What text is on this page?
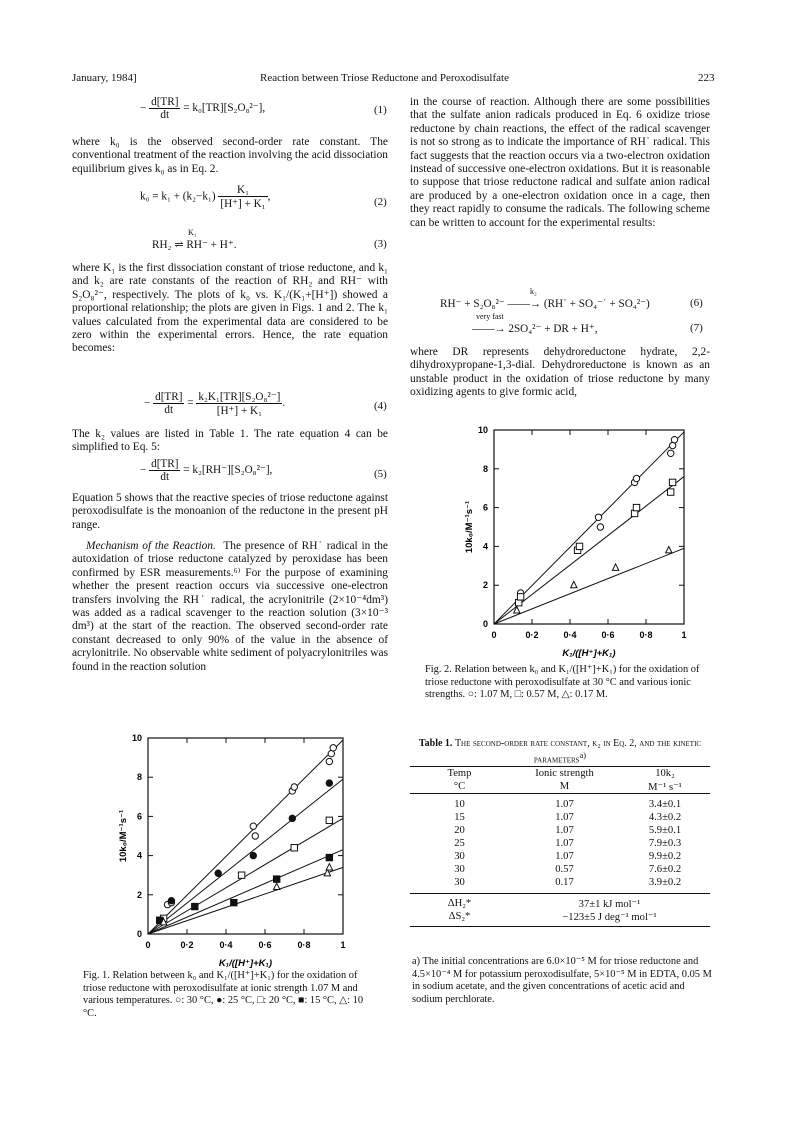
January, 1984]	Reaction between Triose Reductone and Peroxodisulfate	223
− $\frac{d[TR]}{dt} = k_0[TR][S_2O_8^{2-}]$,	(1)

where k₀ is the observed second-order rate constant. The conventional treatment of the reaction involving the acid dissociation equilibrium gives k₀ as in Eq. 2.

$k_0 = k_1 + (k_2-k_1) \frac{\text{K₁}}{\text{[H⁺] + K₁}}$ ,	(2)
K₁
RH₂ ⇌ RH⁻ + H⁺.	(3)

where K₁ is the first dissociation constant of triose reductone, and k₁ and k₂ are rate constants of the reaction of RH₂ and RH⁻ with S₂O₈²⁻, respectively. The plots of k₀ vs. K₁/(K₁+[H⁺]) showed a proportional relationship; the plots are given in Figs. 1 and 2. The k₁ values calculated from the experimental data are considered to be zero within the experimental errors. Hence, the rate equation becomes:

− $\frac{d[TR]}{dt} = \frac{\text{k₂K₁[TR][S₂O₈²⁻]}}{\text{[H⁺] + K₁}}$ .	(4)

The k₂ values are listed in Table 1. The rate equation 4 can be simplified to Eq. 5:

− $\frac{d[TR]}{dt} = k_2[RH^-][S_2O_8^{2-}]$,	(5)

Equation 5 shows that the reactive species of triose reductone against peroxodisulfate is the monoanion of the reductone in the present pH range.

Mechanism of the Reaction. The presence of RH˙ radical in the autoxidation of triose reductone catalyzed by peroxidase has been confirmed by ESR measurements.⁶⁾ For the purpose of examining whether the present reaction occurs via successive one-electron transfers involving the RH˙ radical, the acrylonitrile (2×10⁻⁴dm³) was added as a radical scavenger to the reaction solution (3×10⁻³ dm³) at the start of the reaction. The observed second-order rate constant decreased to only 90% of the value in the absence of acrylonitrile. No observable white sediment of polyacrylonitriles was found in the reaction solution

in the course of reaction. Although there are some possibilities that the sulfate anion radicals produced in Eq. 6 oxidize triose reductone by chain reactions, the effect of the radical scavenger is not so strong as to indicate the importance of RH˙ radical. This fact suggests that the reaction occurs via a two-electron oxidation instead of successive one-electron oxidations. But it is reasonable to suppose that triose reductone radical and sulfate anion radical are produced by a one-electron oxidation once in a cage, then they react rapidly to consume the radicals. The following scheme can be written to account for the experimental results:

k₂
RH⁻ + S₂O₈²⁻ ——→ (RH˙ + SO₄⁻˙ + SO₄²⁻)	(6)
very fast
——→ 2SO₄²⁻ + DR + H⁺,	(7)

where DR represents dehydroreductone hydrate, 2,2-dihydroxypropane-1,3-dial. Dehydroreductone is known as an unstable product in the oxidation of triose reductone by many oxidizing agents to give formic acid,

0	0·2	0·4	0·6	0·8	1
0
2
4
6
8
10
K₁/([H⁺]+K₁)
10k₀/M⁻¹s⁻¹
Fig. 2. Relation between k₀ and K₁/([H⁺]+K₁) for the oxidation of triose reductone with peroxodisulfate at 30 °C and various ionic strengths. ○: 1.07 M, □: 0.57 M, △: 0.17 M.
0	0·2	0·4	0·6	0·8	1
0
2
4
6
8
10
K₁/([H⁺]+K₁)
10k₀/M⁻¹s⁻¹
Fig. 1. Relation between k₀ and K₁/([H⁺]+K₁) for the oxidation of triose reductone with peroxodisulfate at ionic strength 1.07 M and various temperatures. ○: 30 °C, ●: 25 °C, □: 20 °C, ■: 15 °C, △: 10 °C.
Table 1. The second-order rate constant, k₂ in Eq. 2, and the kinetic parameters$^{a)}$
Temp	Ionic strength	10k₂
°C	M	M⁻¹ s⁻¹
10	1.07	3.4±0.1
15	1.07	4.3±0.2
20	1.07	5.9±0.1
25	1.07	7.9±0.3
30	1.07	9.9±0.2
30	0.57	7.6±0.2
30	0.17	3.9±0.2
ΔH₂*	37±1 kJ mol⁻¹
ΔS₂*	−123±5 J deg⁻¹ mol⁻¹
a) The initial concentrations are 6.0×10⁻⁵ M for triose reductone and 4.5×10⁻⁴ M for potassium peroxodisulfate, 5×10⁻⁵ M in EDTA, 0.05 M in sodium acetate, and the given concentrations of acetic acid and sodium perchlorate.
